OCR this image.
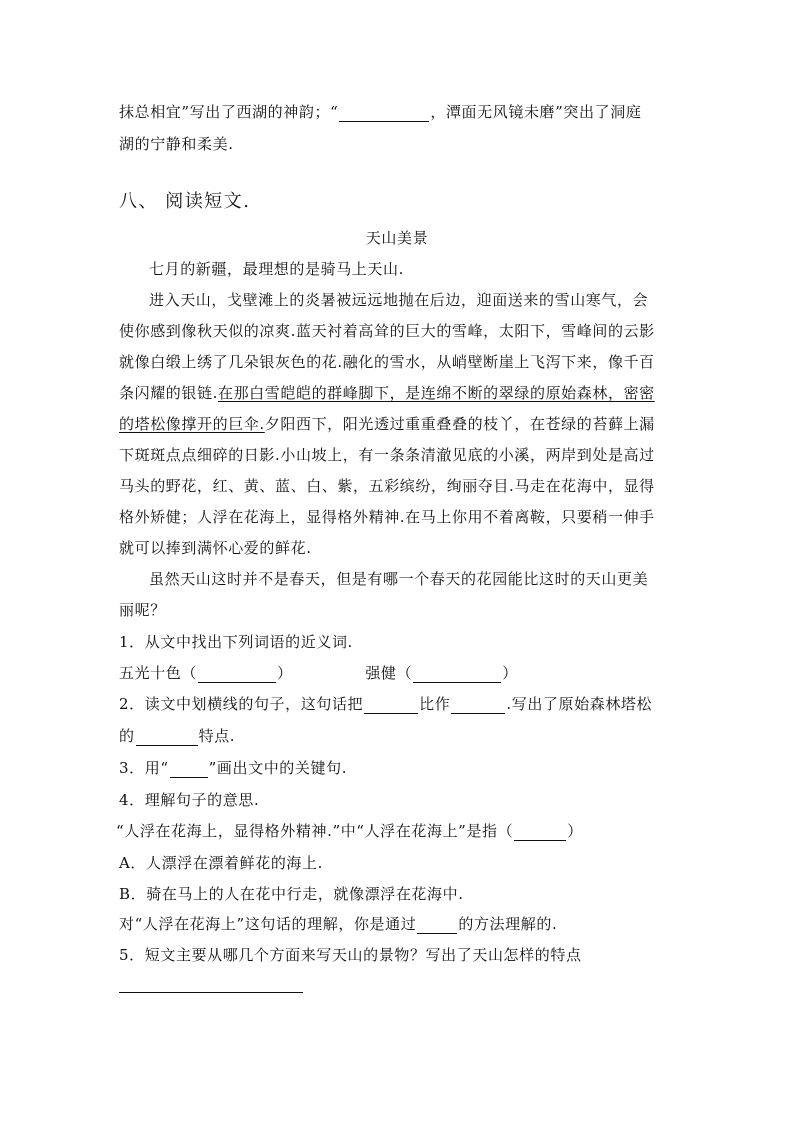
抹总相宜”写出了西湖的神韵；“	，潭面无风镜未磨”突出了洞庭
湖的宁静和柔美.
八、 阅读短文.
天山美景
七月的新疆，最理想的是骑马上天山.
进入天山，戈壁滩上的炎暑被远远地抛在后边，迎面送来的雪山寒气，会
使你感到像秋天似的凉爽.蓝天衬着高耸的巨大的雪峰，太阳下，雪峰间的云影
就像白缎上绣了几朵银灰色的花.融化的雪水，从峭壁断崖上飞泻下来，像千百
条闪耀的银链.在那白雪皑皑的群峰脚下，是连绵不断的翠绿的原始森林，密密
的塔松像撑开的巨伞.夕阳西下，阳光透过重重叠叠的枝丫，在苍绿的苔藓上漏
下斑斑点点细碎的日影.小山坡上，有一条条清澈见底的小溪，两岸到处是高过
马头的野花，红、黄、蓝、白、紫，五彩缤纷，绚丽夺目.马走在花海中，显得
格外矫健；人浮在花海上，显得格外精神.在马上你用不着离鞍，只要稍一伸手
就可以捧到满怀心爱的鲜花.
虽然天山这时并不是春天，但是有哪一个春天的花园能比这时的天山更美
丽呢？
1．从文中找出下列词语的近义词.
五光十色（	）	强健（	）
2．读文中划横线的句子，这句话把	比作	.写出了原始森林塔松
的	特点.
3．用“	”画出文中的关键句.
4．理解句子的意思.
“人浮在花海上，显得格外精神.”中“人浮在花海上”是指（	）
A．人漂浮在漂着鲜花的海上.
B．骑在马上的人在花中行走，就像漂浮在花海中.
对“人浮在花海上”这句话的理解，你是通过	的方法理解的.
5．短文主要从哪几个方面来写天山的景物？写出了天山怎样的特点
